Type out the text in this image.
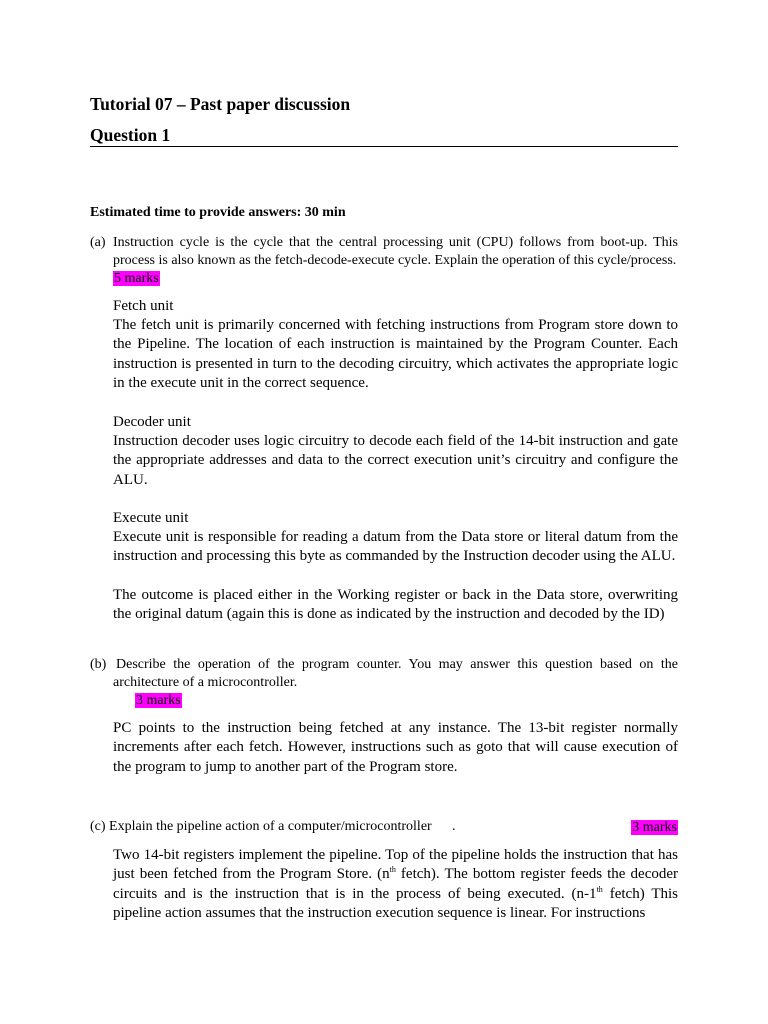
Tutorial 07 – Past paper discussion
Question 1
Estimated time to provide answers: 30 min
(a) Instruction cycle is the cycle that the central processing unit (CPU) follows from boot-up. This process is also known as the fetch-decode-execute cycle. Explain the operation of this cycle/process.
5 marks
Fetch unit
The fetch unit is primarily concerned with fetching instructions from Program store down to the Pipeline. The location of each instruction is maintained by the Program Counter. Each instruction is presented in turn to the decoding circuitry, which activates the appropriate logic in the execute unit in the correct sequence.
Decoder unit
Instruction decoder uses logic circuitry to decode each field of the 14-bit instruction and gate the appropriate addresses and data to the correct execution unit’s circuitry and configure the ALU.
Execute unit
Execute unit is responsible for reading a datum from the Data store or literal datum from the instruction and processing this byte as commanded by the Instruction decoder using the ALU.
The outcome is placed either in the Working register or back in the Data store, overwriting the original datum (again this is done as indicated by the instruction and decoded by the ID)
(b) Describe the operation of the program counter. You may answer this question based on the architecture of a microcontroller.
3 marks
PC points to the instruction being fetched at any instance. The 13-bit register normally increments after each fetch. However, instructions such as goto that will cause execution of the program to jump to another part of the Program store.
(c) Explain the pipeline action of a computer/microcontroller .	3 marks
Two 14-bit registers implement the pipeline. Top of the pipeline holds the instruction that has just been fetched from the Program Store. ($n^{th}$ fetch). The bottom register feeds the decoder circuits and is the instruction that is in the process of being executed. (n-1th fetch) This pipeline action assumes that the instruction execution sequence is linear. For instructions
